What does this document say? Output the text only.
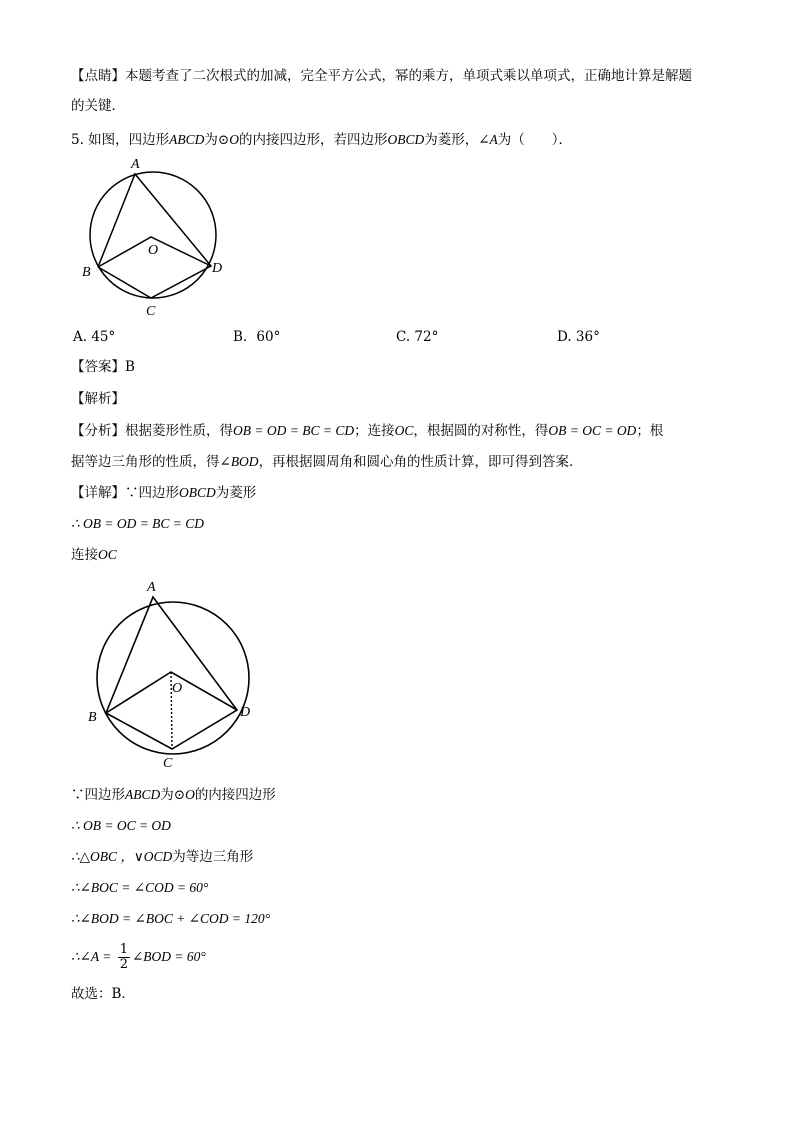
【点睛】本题考查了二次根式的加减，完全平方公式，幂的乘方，单项式乘以单项式，正确地计算是解题
的关键．
5. 如图，四边形ABCD为⊙O的内接四边形，若四边形OBCD为菱形，∠A为（　　）．
A
B
C
D
O
A. 45°	B．60°	C. 72°	D. 36°
【答案】B
【解析】
【分析】根据菱形性质，得OB = OD = BC = CD；连接OC，根据圆的对称性，得OB = OC = OD；根
据等边三角形的性质，得∠BOD，再根据圆周角和圆心角的性质计算，即可得到答案．
【详解】∵四边形OBCD为菱形
∴ OB = OD = BC = CD
连接OC
A
B
C
D
O
∵四边形ABCD为⊙O的内接四边形
∴ OB = OC = OD
∴△OBC ，∨OCD为等边三角形
∴∠BOC = ∠COD = 60°
∴∠BOD = ∠BOC + ∠COD = 120°
∴∠A = $\frac{1}{2}$ ∠BOD = 60°
故选：B．
